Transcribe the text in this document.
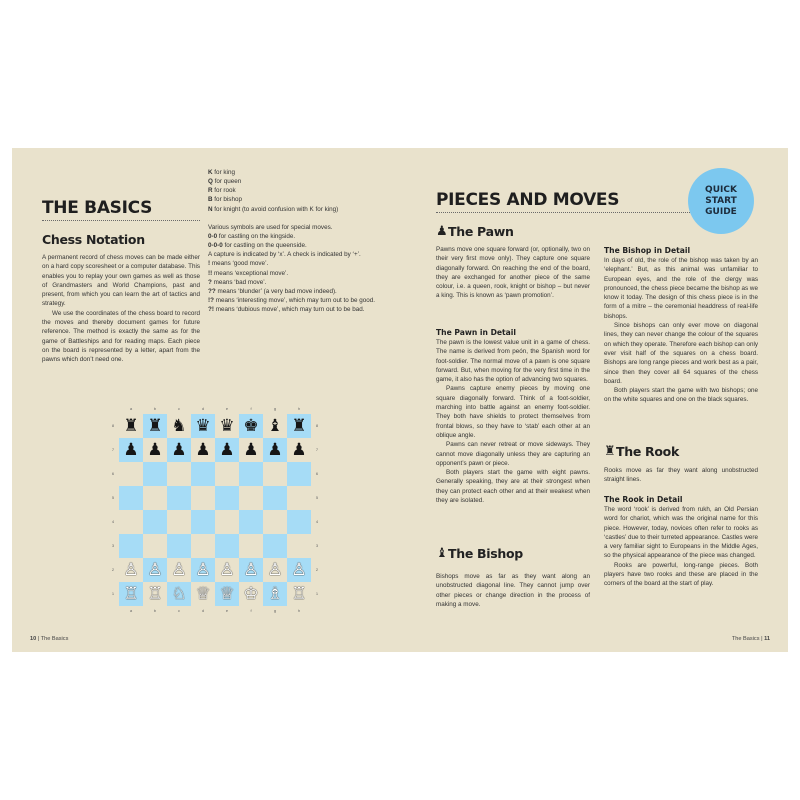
THE BASICS
Chess Notation

A permanent record of chess moves can be made either on a hard copy scoresheet or a computer database. This enables you to replay your own games as well as those of Grandmasters and World Champions, past and present, from which you can learn the art of tactics and strategy.

We use the coordinates of the chess board to record the moves and thereby document games for future reference. The method is exactly the same as for the game of Battleships and for reading maps. Each piece on the board is represented by a letter, apart from the pawns which don’t need one.

K for king
Q for queen
R for rook
B for bishop
N for knight (to avoid confusion with K for king)
Various symbols are used for special moves.
0-0 for castling on the kingside.
0-0-0 for castling on the queenside.
A capture is indicated by ‘x’. A check is indicated by ‘+’.
! means ‘good move’.
!! means ‘exceptional move’.
? means ‘bad move’.
?? means ‘blunder’ (a very bad move indeed).
!? means ‘interesting move’, which may turn out to be good.
?! means ‘dubious move’, which may turn out to be bad.
♜ ♜ ♞ ♛ ♛ ♚ ♝ ♜
♟ ♟ ♟ ♟ ♟ ♟ ♟ ♟
♙ ♙ ♙ ♙ ♙ ♙ ♙ ♙
♖ ♖ ♘ ♕ ♕ ♔ ♗ ♖
a
a
b
b
c
c
d
d
e
e
f
f
g
g
h
h
8	8
7	7
6	6
5	5
4	4
3	3
2	2
1	1
10 | The Basics
PIECES AND MOVES
QUICK
START
GUIDE
♟ The Pawn

Pawns move one square forward (or, optionally, two on their very first move only). They capture one square diagonally forward. On reaching the end of the board, they are exchanged for another piece of the same colour, i.e. a queen, rook, knight or bishop – but never a king. This is known as ‘pawn promotion’.

The Pawn in Detail

The pawn is the lowest value unit in a game of chess. The name is derived from peón, the Spanish word for foot-soldier. The normal move of a pawn is one square forward. But, when moving for the very first time in the game, it also has the option of advancing two squares.

Pawns capture enemy pieces by moving one square diagonally forward. Think of a foot-soldier, marching into battle against an enemy foot-soldier. They both have shields to protect themselves from frontal blows, so they have to ‘stab’ each other at an oblique angle.

Pawns can never retreat or move sideways. They cannot move diagonally unless they are capturing an opponent’s pawn or piece.

Both players start the game with eight pawns. Generally speaking, they are at their strongest when they can protect each other and at their weakest when they are isolated.

♝ The Bishop

Bishops move as far as they want along an unobstructed diagonal line. They cannot jump over other pieces or change direction in the process of making a move.

The Bishop in Detail

In days of old, the role of the bishop was taken by an ‘elephant.’ But, as this animal was unfamiliar to European eyes, and the role of the clergy was pronounced, the chess piece became the bishop as we know it today. The design of this chess piece is in the form of a mitre – the ceremonial headdress of real-life bishops.

Since bishops can only ever move on diagonal lines, they can never change the colour of the squares on which they operate. Therefore each bishop can only ever visit half of the squares on a chess board. Bishops are long range pieces and work best as a pair, since then they cover all 64 squares of the chess board.

Both players start the game with two bishops; one on the white squares and one on the black squares.

♜ The Rook

Rooks move as far they want along unobstructed straight lines.

The Rook in Detail

The word ‘rook’ is derived from rukh, an Old Persian word for chariot, which was the original name for this piece. However, today, novices often refer to rooks as ‘castles’ due to their turreted appearance. Castles were a very familiar sight to Europeans in the Middle Ages, so the physical appearance of the piece was changed.

Rooks are powerful, long-range pieces. Both players have two rooks and these are placed in the corners of the board at the start of play.

The Basics | 11
